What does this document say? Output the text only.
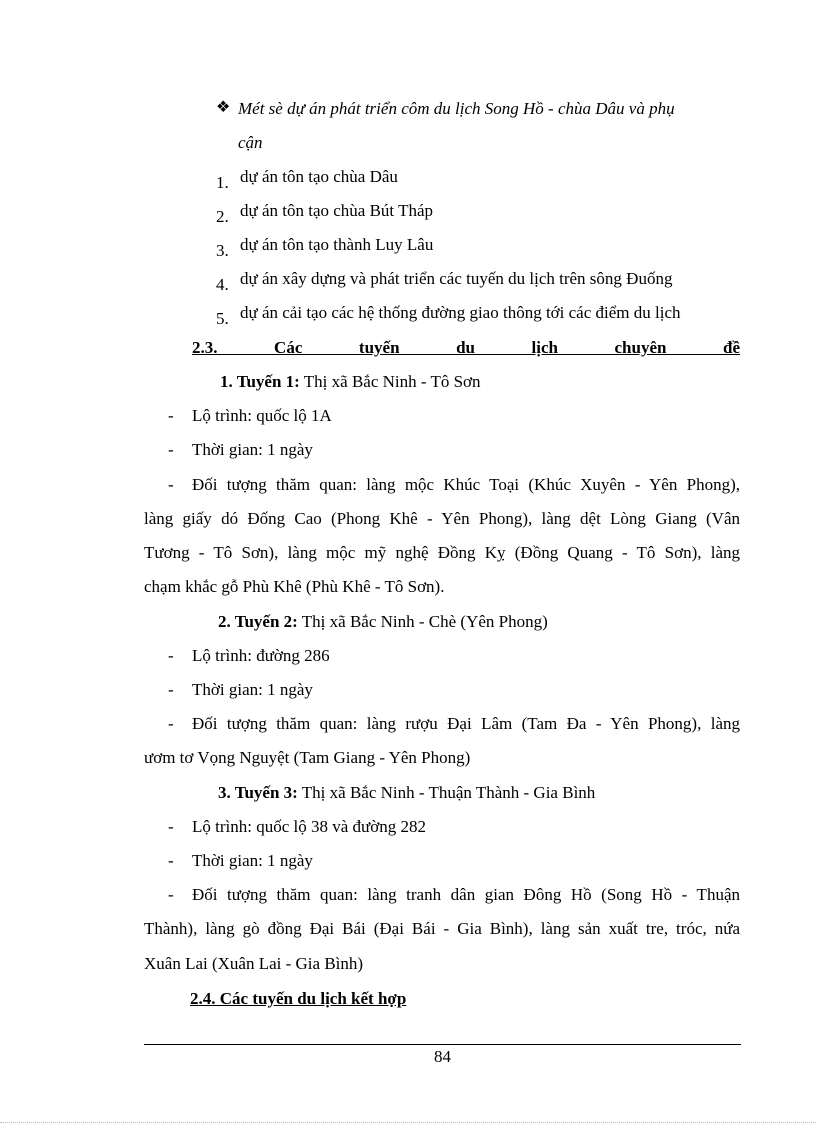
❖ Mét sè dự án phát triển côm du lịch Song Hồ - chùa Dâu và phụ
cận
1. dự án tôn tạo chùa Dâu
2. dự án tôn tạo chùa Bút Tháp
3. dự án tôn tạo thành Luy Lâu
4. dự án xây dựng và phát triển các tuyến du lịch trên sông Đuống
5. dự án cải tạo các hệ thống đường giao thông tới các điểm du lịch
2.3. Các tuyến du lịch chuyên đề
1. Tuyến 1: Thị xã Bắc Ninh - Tô Sơn
- Lộ trình: quốc lộ 1A
- Thời gian: 1 ngày
- Đối tượng thăm quan: làng mộc Khúc Toại (Khúc Xuyên - Yên Phong),
làng giấy dó Đống Cao (Phong Khê - Yên Phong), làng dệt Lòng Giang (Vân
Tương - Tô Sơn), làng mộc mỹ nghệ Đồng Kỵ (Đồng Quang - Tô Sơn), làng
chạm khắc gỗ Phù Khê (Phù Khê - Tô Sơn).
2. Tuyến 2: Thị xã Bắc Ninh - Chè (Yên Phong)
- Lộ trình: đường 286
- Thời gian: 1 ngày
- Đối tượng thăm quan: làng rượu Đại Lâm (Tam Đa - Yên Phong), làng
ươm tơ Vọng Nguyệt (Tam Giang - Yên Phong)
3. Tuyến 3: Thị xã Bắc Ninh - Thuận Thành - Gia Bình
- Lộ trình: quốc lộ 38 và đường 282
- Thời gian: 1 ngày
- Đối tượng thăm quan: làng tranh dân gian Đông Hồ (Song Hồ - Thuận
Thành), làng gò đồng Đại Bái (Đại Bái - Gia Bình), làng sản xuất tre, tróc, nứa
Xuân Lai (Xuân Lai - Gia Bình)
2.4. Các tuyến du lịch kết hợp
84
